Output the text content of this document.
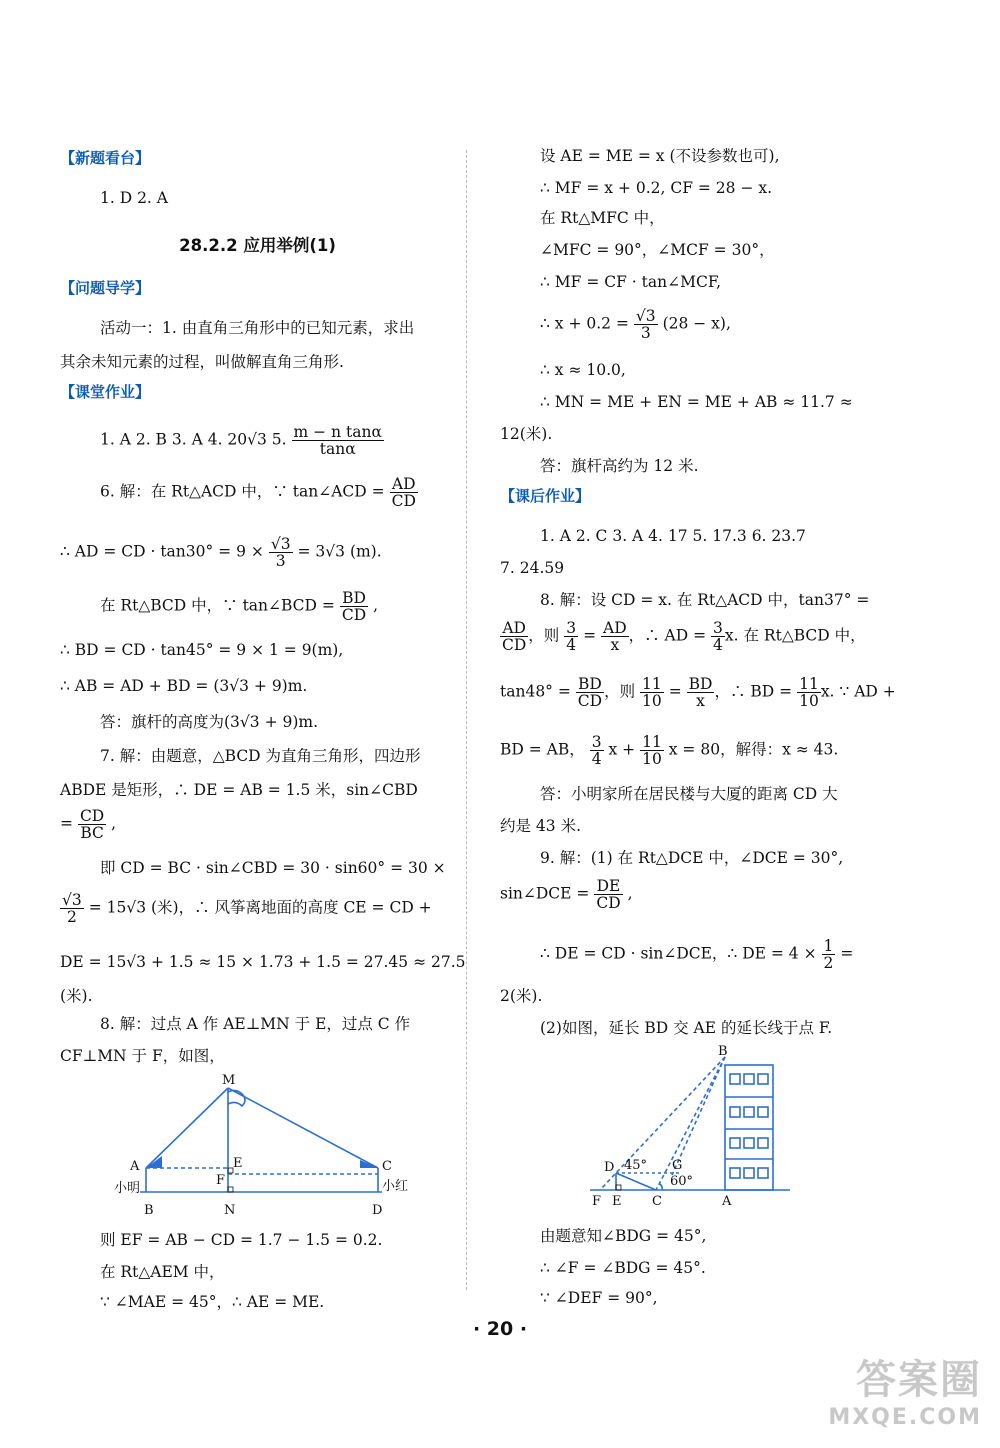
【新题看台】
1. D 2. A
28.2.2 应用举例(1)
【问题导学】
活动一：1. 由直角三角形中的已知元素，求出
其余未知元素的过程，叫做解直角三角形.
【课堂作业】
1. A 2. B 3. A 4. 20√3 5. $\frac{\text{m − n tanα}}{\tan\alpha}$
6. 解：在 Rt△ACD 中，∵ tan∠ACD = $\frac{AD}{CD}$
∴ AD = CD · $\tan 30^\circ = 9 \times \frac{√3}{3} = 3√3$ (m).
在 Rt△BCD 中，∵ tan∠BCD = $\frac{BD}{CD}$ ,
∴ BD = CD · tan45° = 9 × 1 = 9(m),
∴ AB = AD + BD = (3√3 + 9)m.
答：旗杆的高度为(3√3 + 9)m.
7. 解：由题意，△BCD 为直角三角形，四边形
ABDE 是矩形，∴ DE = AB = 1.5 米，sin∠CBD
= $\frac{CD}{BC}$ ,
即 CD = BC · sin∠CBD = 30 · sin60° = 30 ×
$\frac{√3}{2} = 15√3$ (米)，∴ 风筝离地面的高度 CE = CD +
DE = 15√3 + 1.5 ≈ 15 × 1.73 + 1.5 = 27.45 ≈ 27.5
(米).
8. 解：过点 A 作 AE⊥MN 于 E，过点 C 作
CF⊥MN 于 F，如图，
M
A	E	C
F
小明	小红
B	N	D
则 EF = AB − CD = 1.7 − 1.5 = 0.2.
在 Rt△AEM 中，
∵ ∠MAE = 45°，∴ AE = ME.
设 AE = ME = x (不设参数也可),
∴ MF = x + 0.2, CF = 28 − x.
在 Rt△MFC 中，
∠MFC = 90°，∠MCF = 30°，
∴ MF = CF · tan∠MCF,
∴ $x + 0.2 = \frac{√3}{3} (28 - x)$,
∴ x ≈ 10.0,
∴ MN = ME + EN = ME + AB ≈ 11.7 ≈
12(米).
答：旗杆高约为 12 米.
【课后作业】
1. A 2. C 3. A 4. 17 5. 17.3 6. 23.7
7. 24.59
8. 解：设 CD = x. 在 Rt△ACD 中，tan37° =
$\frac{AD}{CD}$ ，则 $\frac{3}{4} = \frac{AD}{x}$ ，∴ AD = $\frac{3}{4} x$. 在 Rt△BCD 中，
$\tan 48^\circ = \frac{BD}{CD}$ ，则 $\frac{11}{10} = \frac{BD}{x}$ ，∴ BD = $\frac{11}{10} x$. ∵ AD +
BD = AB， $\frac{3}{4}$ $x + \frac{11}{10}$ x = 80，解得：x ≈ 43.
答：小明家所在居民楼与大厦的距离 CD 大
约是 43 米.
9. 解：(1) 在 Rt△DCE 中，∠DCE = 30°,
sin∠DCE = $\frac{DE}{CD}$ ,
∴ DE = CD · sin∠DCE，∴ DE = $4 \times \frac{1}{2}$ =
2(米).
(2)如图，延长 BD 交 AE 的延长线于点 F.
B
D	G
45°
60°
F E C	A
由题意知∠BDG = 45°,
∴ ∠F = ∠BDG = 45°.
∵ ∠DEF = 90°,
· 20 ·
答案圈
MXQE.COM
